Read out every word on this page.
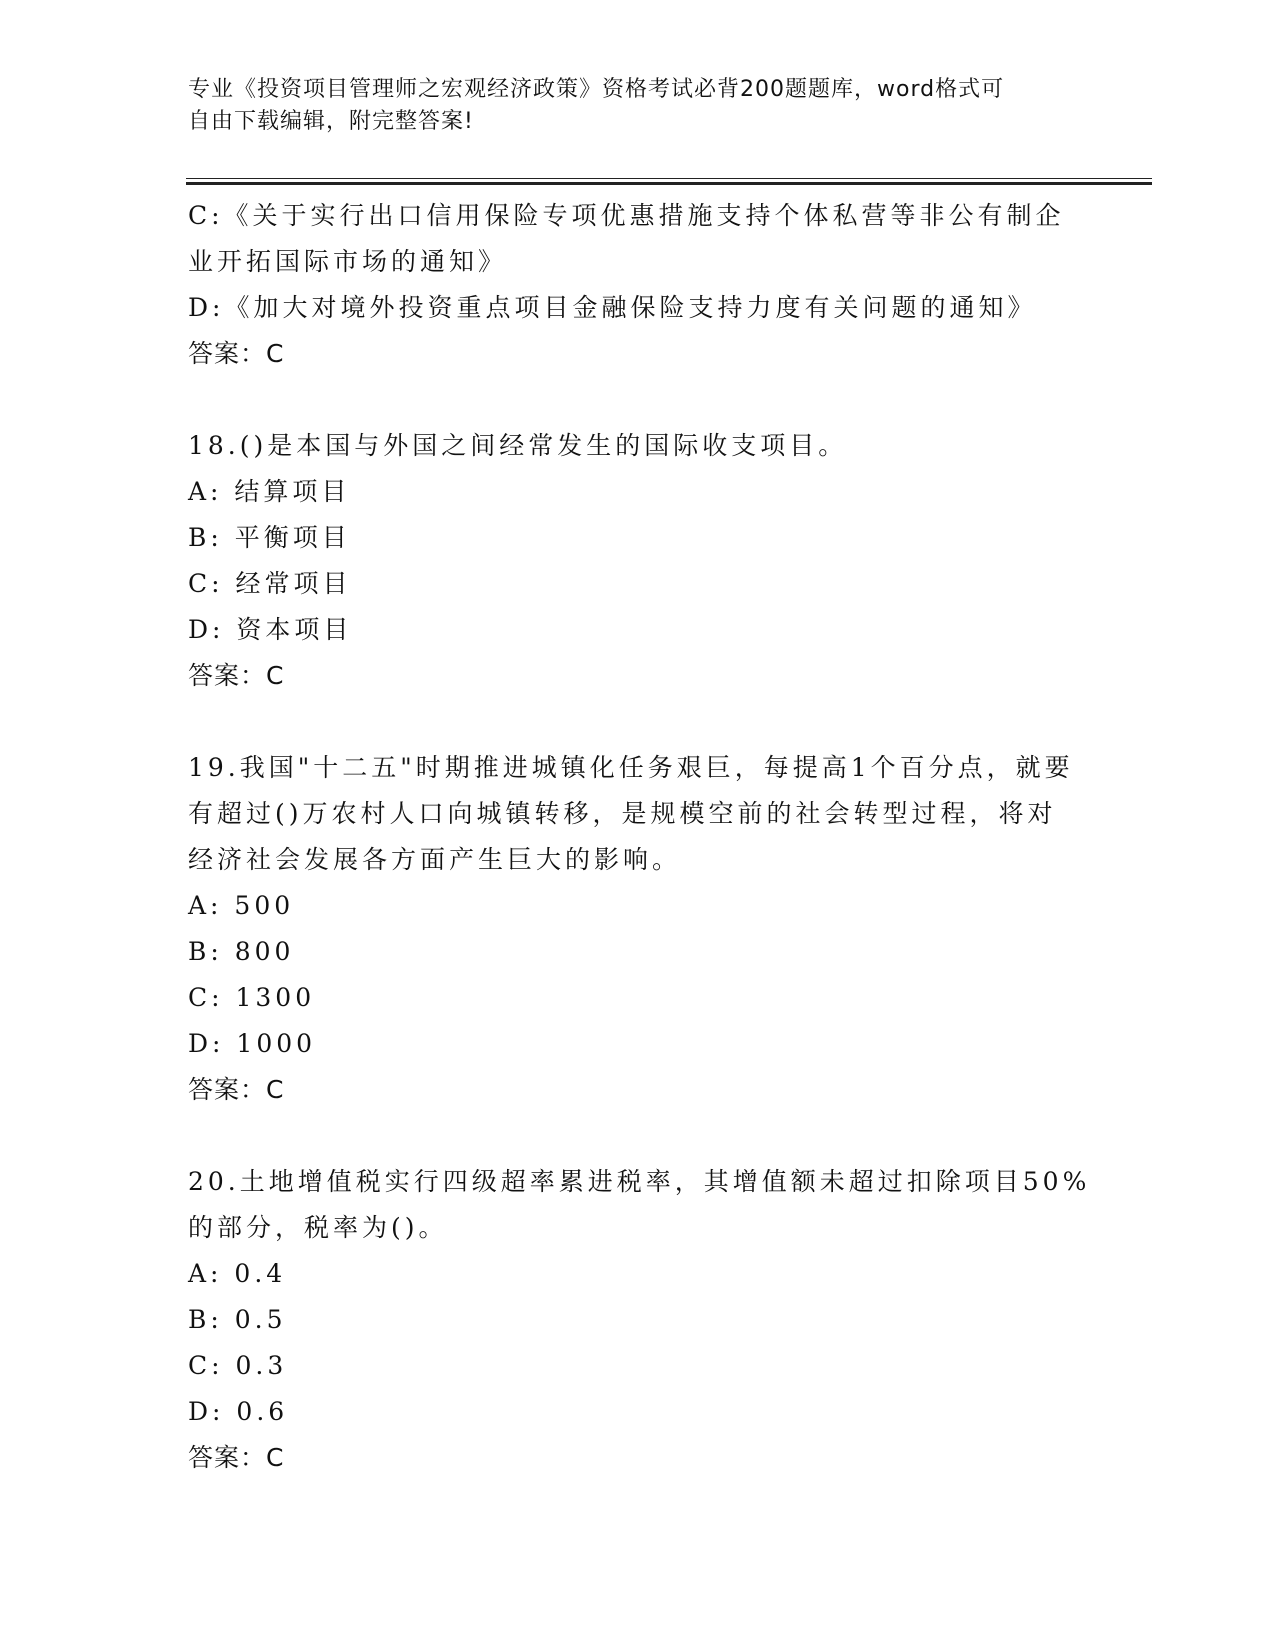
专业《投资项目管理师之宏观经济政策》资格考试必背200题题库，word格式可
自由下载编辑，附完整答案!
C:《关于实行出口信用保险专项优惠措施支持个体私营等非公有制企
业开拓国际市场的通知》
D:《加大对境外投资重点项目金融保险支持力度有关问题的通知》
答案：C
18.()是本国与外国之间经常发生的国际收支项目。
A: 结算项目
B: 平衡项目
C: 经常项目
D: 资本项目
答案：C
19.我国"十二五"时期推进城镇化任务艰巨，每提高1个百分点，就要
有超过()万农村人口向城镇转移，是规模空前的社会转型过程，将对
经济社会发展各方面产生巨大的影响。
A: 500
B: 800
C: 1300
D: 1000
答案：C
20.土地增值税实行四级超率累进税率，其增值额未超过扣除项目50%
的部分，税率为()。
A: 0.4
B: 0.5
C: 0.3
D: 0.6
答案：C
